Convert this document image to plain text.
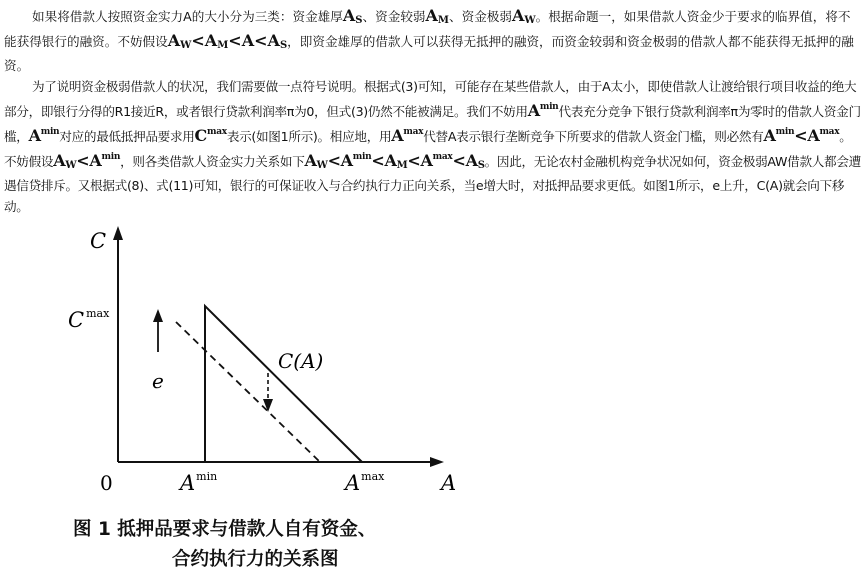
如果将借款人按照资金实力A的大小分为三类：资金雄厚$A_S$、资金较弱$A_M$、资金极弱$A_W$。根据命题一，如果借款人资金少于要求的临界值，将不能获得银行的融资。不妨假设$A_W<A_M<A<A_S$，即资金雄厚的借款人可以获得无抵押的融资，而资金较弱和资金极弱的借款人都不能获得无抵押的融资。

为了说明资金极弱借款人的状况，我们需要做一点符号说明。根据式(3)可知，可能存在某些借款人，由于A太小，即使借款人让渡给银行项目收益的绝大部分，即银行分得的R1接近R，或者银行贷款利润率π为0，但式(3)仍然不能被满足。我们不妨用$A^{min}$代表充分竞争下银行贷款利润率π为零时的借款人资金门槛，$A^{min}$对应的最低抵押品要求用$C^{max}$表示(如图1所示)。相应地，用$A^{max}$代替A表示银行垄断竞争下所要求的借款人资金门槛，则必然有$A^{min}<A^{max}$。不妨假设$A_W<A^{min}$，则各类借款人资金实力关系如下$A_W<A^{min}<A_M<A^{max}<A_S$。因此，无论农村金融机构竞争状况如何，资金极弱AW借款人都会遭遇信贷排斥。又根据式(8)、式(11)可知，银行的可保证收入与合约执行力正向关系，当e增大时，对抵押品要求更低。如图1所示，e上升，C(A)就会向下移动。

C
A
0
C $^{max}$
$A^{min}$	$A^{max}$
C(A)
e
图 1 抵押品要求与借款人自有资金、
合约执行力的关系图
